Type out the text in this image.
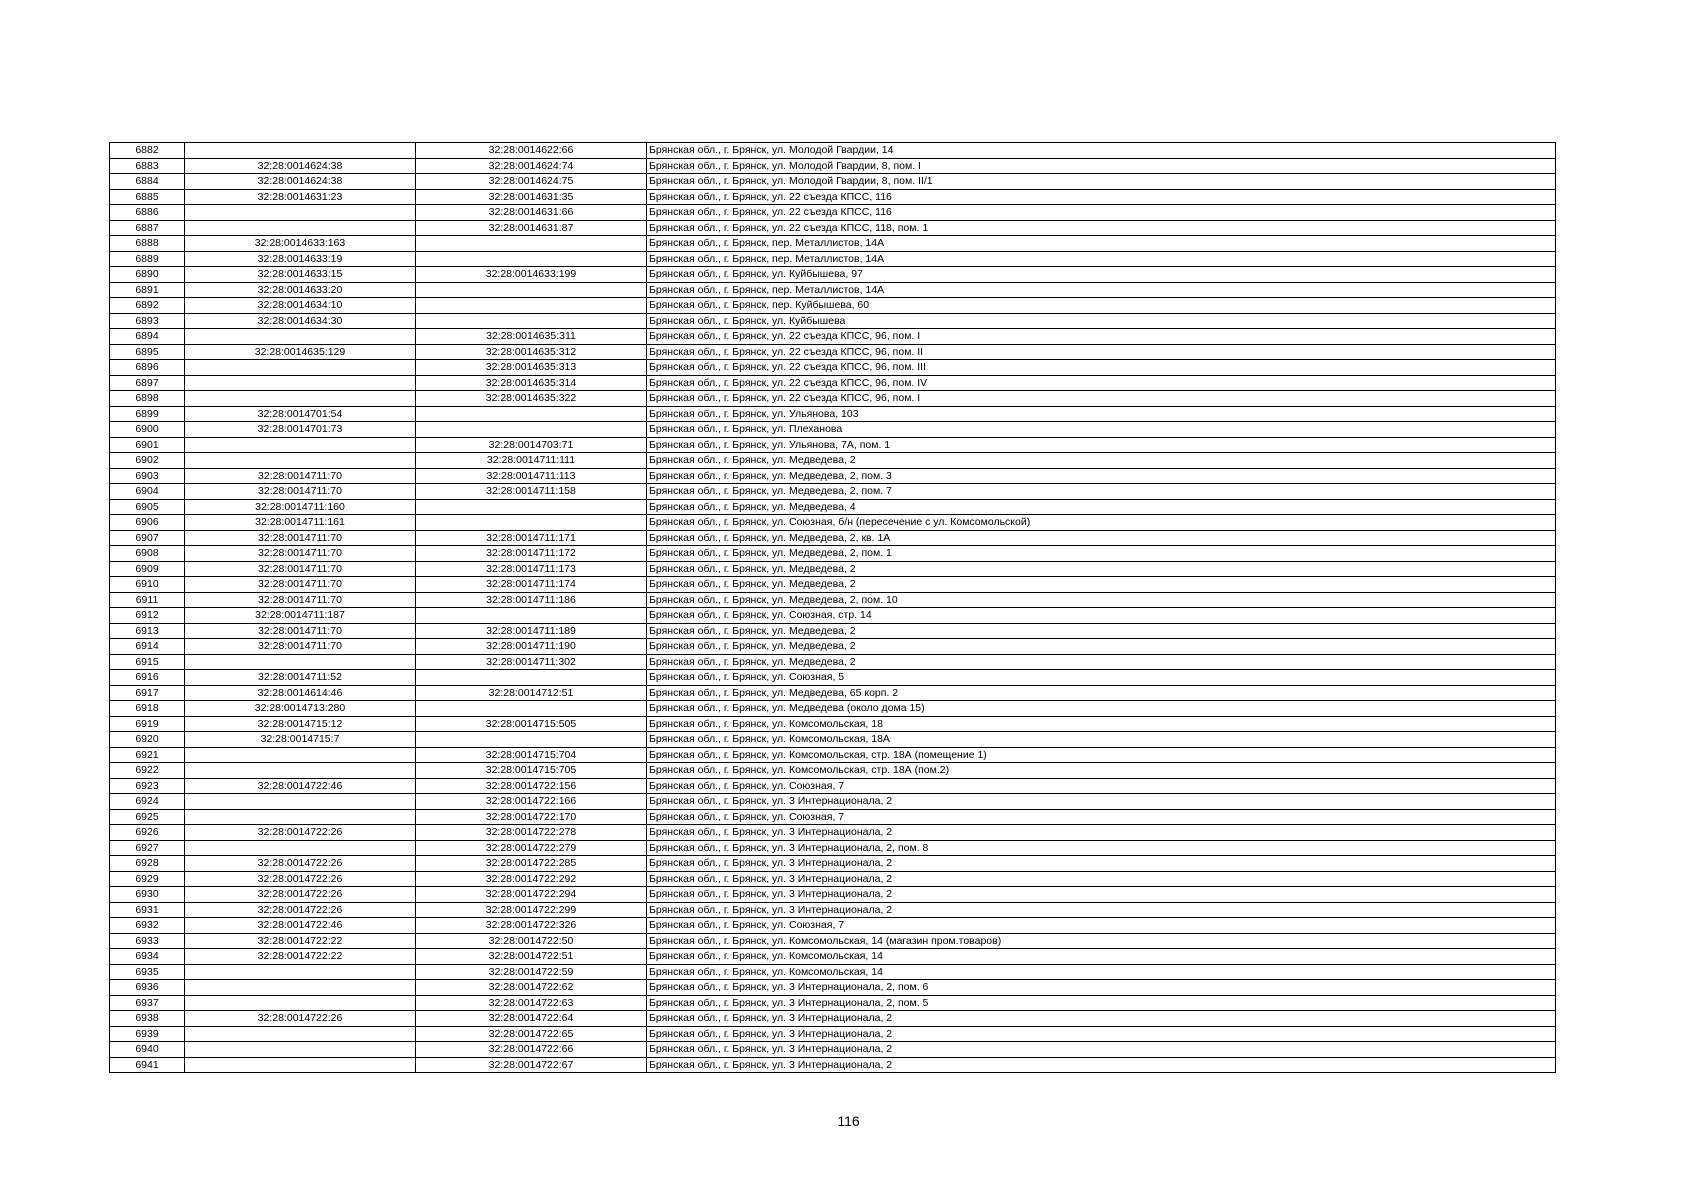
6882		32:28:0014622:66	Брянская обл., г. Брянск, ул. Молодой Гвардии, 14
6883	32:28:0014624:38	32:28:0014624:74	Брянская обл., г. Брянск, ул. Молодой Гвардии, 8, пом. I
6884	32:28:0014624:38	32:28:0014624:75	Брянская обл., г. Брянск, ул. Молодой Гвардии, 8, пом. II/1
6885	32:28:0014631:23	32:28:0014631:35	Брянская обл., г. Брянск, ул. 22 съезда КПСС, 116
6886		32:28:0014631:66	Брянская обл., г. Брянск, ул. 22 съезда КПСС, 116
6887		32:28:0014631:87	Брянская обл., г. Брянск, ул. 22 съезда КПСС, 118, пом. 1
6888	32:28:0014633:163		Брянская обл., г. Брянск, пер. Металлистов, 14А
6889	32:28:0014633:19		Брянская обл., г. Брянск, пер. Металлистов, 14А
6890	32:28:0014633:15	32:28:0014633:199	Брянская обл., г. Брянск, ул. Куйбышева, 97
6891	32:28:0014633:20		Брянская обл., г. Брянск, пер. Металлистов, 14А
6892	32:28:0014634:10		Брянская обл., г. Брянск, пер. Куйбышева, 60
6893	32:28:0014634:30		Брянская обл., г. Брянск, ул. Куйбышева
6894		32:28:0014635:311	Брянская обл., г. Брянск, ул. 22 съезда КПСС, 96, пом. I
6895	32:28:0014635:129	32:28:0014635:312	Брянская обл., г. Брянск, ул. 22 съезда КПСС, 96, пом. II
6896		32:28:0014635:313	Брянская обл., г. Брянск, ул. 22 съезда КПСС, 96, пом. III
6897		32:28:0014635:314	Брянская обл., г. Брянск, ул. 22 съезда КПСС, 96, пом. IV
6898		32:28:0014635:322	Брянская обл., г. Брянск, ул. 22 съезда КПСС, 96, пом. I
6899	32:28:0014701:54		Брянская обл., г. Брянск, ул. Ульянова, 103
6900	32:28:0014701:73		Брянская обл., г. Брянск, ул. Плеханова
6901		32:28:0014703:71	Брянская обл., г. Брянск, ул. Ульянова, 7А, пом. 1
6902		32:28:0014711:111	Брянская обл., г. Брянск, ул. Медведева, 2
6903	32:28:0014711:70	32:28:0014711:113	Брянская обл., г. Брянск, ул. Медведева, 2, пом. 3
6904	32:28:0014711:70	32:28:0014711:158	Брянская обл., г. Брянск, ул. Медведева, 2, пом. 7
6905	32:28:0014711:160		Брянская обл., г. Брянск, ул. Медведева, 4
6906	32:28:0014711:161		Брянская обл., г. Брянск, ул. Союзная, б/н (пересечение с ул. Комсомольской)
6907	32:28:0014711:70	32:28:0014711:171	Брянская обл., г. Брянск, ул. Медведева, 2, кв. 1А
6908	32:28:0014711:70	32:28:0014711:172	Брянская обл., г. Брянск, ул. Медведева, 2, пом. 1
6909	32:28:0014711:70	32:28:0014711:173	Брянская обл., г. Брянск, ул. Медведева, 2
6910	32:28:0014711:70	32:28:0014711:174	Брянская обл., г. Брянск, ул. Медведева, 2
6911	32:28:0014711:70	32:28:0014711:186	Брянская обл., г. Брянск, ул. Медведева, 2, пом. 10
6912	32:28:0014711:187		Брянская обл., г. Брянск, ул. Союзная, стр. 14
6913	32:28:0014711:70	32:28:0014711:189	Брянская обл., г. Брянск, ул. Медведева, 2
6914	32:28:0014711:70	32:28:0014711:190	Брянская обл., г. Брянск, ул. Медведева, 2
6915		32:28:0014711:302	Брянская обл., г. Брянск, ул. Медведева, 2
6916	32:28:0014711:52		Брянская обл., г. Брянск, ул. Союзная, 5
6917	32:28:0014614:46	32:28:0014712:51	Брянская обл., г. Брянск, ул. Медведева, 65 корп. 2
6918	32:28:0014713:280		Брянская обл., г. Брянск, ул. Медведева (около дома 15)
6919	32:28:0014715:12	32:28:0014715:505	Брянская обл., г. Брянск, ул. Комсомольская, 18
6920	32:28:0014715:7		Брянская обл., г. Брянск, ул. Комсомольская, 18А
6921		32:28:0014715:704	Брянская обл., г. Брянск, ул. Комсомольская, стр. 18А (помещение 1)
6922		32:28:0014715:705	Брянская обл., г. Брянск, ул. Комсомольская, стр. 18А (пом.2)
6923	32:28:0014722:46	32:28:0014722:156	Брянская обл., г. Брянск, ул. Союзная, 7
6924		32:28:0014722:166	Брянская обл., г. Брянск, ул. 3 Интернационала, 2
6925		32:28:0014722:170	Брянская обл., г. Брянск, ул. Союзная, 7
6926	32:28:0014722:26	32:28:0014722:278	Брянская обл., г. Брянск, ул. 3 Интернационала, 2
6927		32:28:0014722:279	Брянская обл., г. Брянск, ул. 3 Интернационала, 2, пом. 8
6928	32:28:0014722:26	32:28:0014722:285	Брянская обл., г. Брянск, ул. 3 Интернационала, 2
6929	32:28:0014722:26	32:28:0014722:292	Брянская обл., г. Брянск, ул. 3 Интернационала, 2
6930	32:28:0014722:26	32:28:0014722:294	Брянская обл., г. Брянск, ул. 3 Интернационала, 2
6931	32:28:0014722:26	32:28:0014722:299	Брянская обл., г. Брянск, ул. 3 Интернационала, 2
6932	32:28:0014722:46	32:28:0014722:326	Брянская обл., г. Брянск, ул. Союзная, 7
6933	32:28:0014722:22	32:28:0014722:50	Брянская обл., г. Брянск, ул. Комсомольская, 14 (магазин пром.товаров)
6934	32:28:0014722:22	32:28:0014722:51	Брянская обл., г. Брянск, ул. Комсомольская, 14
6935		32:28:0014722:59	Брянская обл., г. Брянск, ул. Комсомольская, 14
6936		32:28:0014722:62	Брянская обл., г. Брянск, ул. 3 Интернационала, 2, пом. 6
6937		32:28:0014722:63	Брянская обл., г. Брянск, ул. 3 Интернационала, 2, пом. 5
6938	32:28:0014722:26	32:28:0014722:64	Брянская обл., г. Брянск, ул. 3 Интернационала, 2
6939		32:28:0014722:65	Брянская обл., г. Брянск, ул. 3 Интернационала, 2
6940		32:28:0014722:66	Брянская обл., г. Брянск, ул. 3 Интернационала, 2
6941		32:28:0014722:67	Брянская обл., г. Брянск, ул. 3 Интернационала, 2
116
